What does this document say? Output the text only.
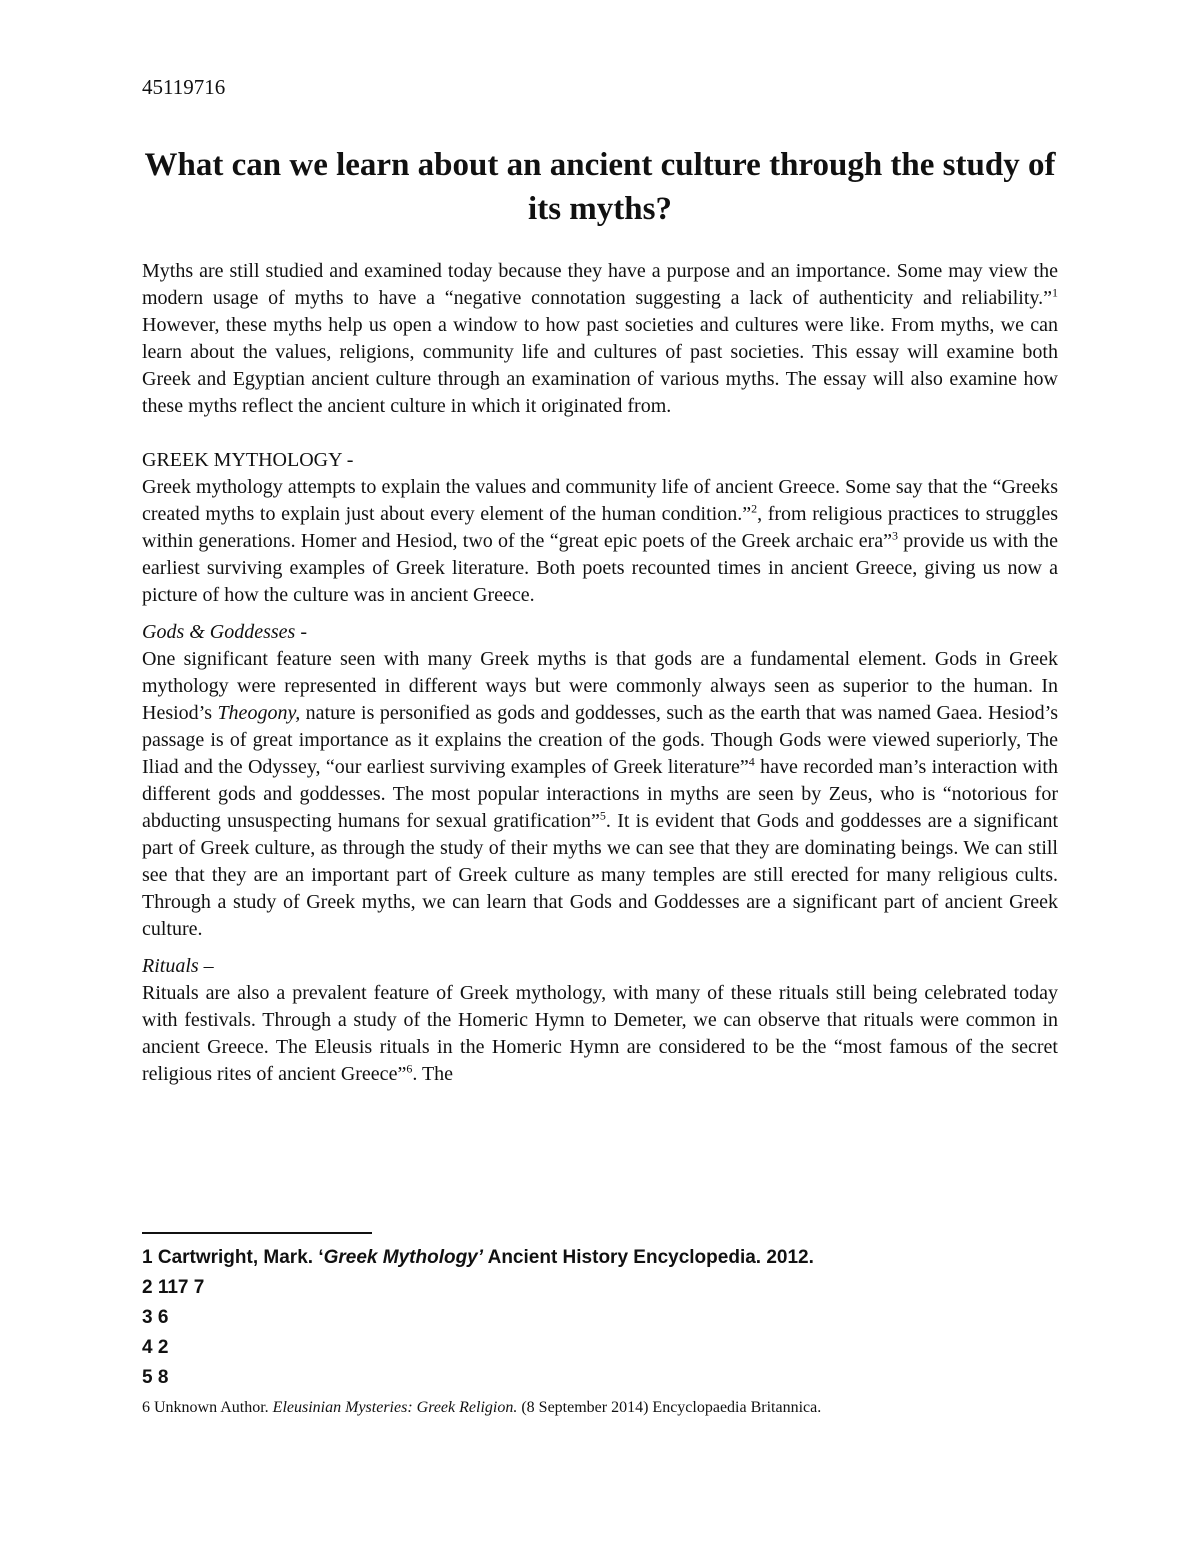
45119716
What can we learn about an ancient culture through the study of its myths?

Myths are still studied and examined today because they have a purpose and an importance. Some may view the modern usage of myths to have a “negative connotation suggesting a lack of authenticity and reliability.”$^1$ However, these myths help us open a window to how past societies and cultures were like. From myths, we can learn about the values, religions, community life and cultures of past societies. This essay will examine both Greek and Egyptian ancient culture through an examination of various myths. The essay will also examine how these myths reflect the ancient culture in which it originated from.

GREEK MYTHOLOGY -

Greek mythology attempts to explain the values and community life of ancient Greece. Some say that the “Greeks created myths to explain just about every element of the human condition.”$^2$, from religious practices to struggles within generations. Homer and Hesiod, two of the “great epic poets of the Greek archaic era”$^3$ provide us with the earliest surviving examples of Greek literature. Both poets recounted times in ancient Greece, giving us now a picture of how the culture was in ancient Greece.

Gods & Goddesses -

One significant feature seen with many Greek myths is that gods are a fundamental element. Gods in Greek mythology were represented in different ways but were commonly always seen as superior to the human. In Hesiod’s Theogony, nature is personified as gods and goddesses, such as the earth that was named Gaea. Hesiod’s passage is of great importance as it explains the creation of the gods. Though Gods were viewed superiorly, The Iliad and the Odyssey, “our earliest surviving examples of Greek literature”$^4$ have recorded man’s interaction with different gods and goddesses. The most popular interactions in myths are seen by Zeus, who is “notorious for abducting unsuspecting humans for sexual gratification”$^5$. It is evident that Gods and goddesses are a significant part of Greek culture, as through the study of their myths we can see that they are dominating beings. We can still see that they are an important part of Greek culture as many temples are still erected for many religious cults. Through a study of Greek myths, we can learn that Gods and Goddesses are a significant part of ancient Greek culture.

Rituals –

Rituals are also a prevalent feature of Greek mythology, with many of these rituals still being celebrated today with festivals. Through a study of the Homeric Hymn to Demeter, we can observe that rituals were common in ancient Greece. The Eleusis rituals in the Homeric Hymn are considered to be the “most famous of the secret religious rites of ancient Greece”$^6$. The

1 Cartwright, Mark. ‘Greek Mythology’ Ancient History Encyclopedia. 2012.

2 117 7

3 6

4 2

5 8

6 Unknown Author. Eleusinian Mysteries: Greek Religion. (8 September 2014) Encyclopaedia Britannica.
